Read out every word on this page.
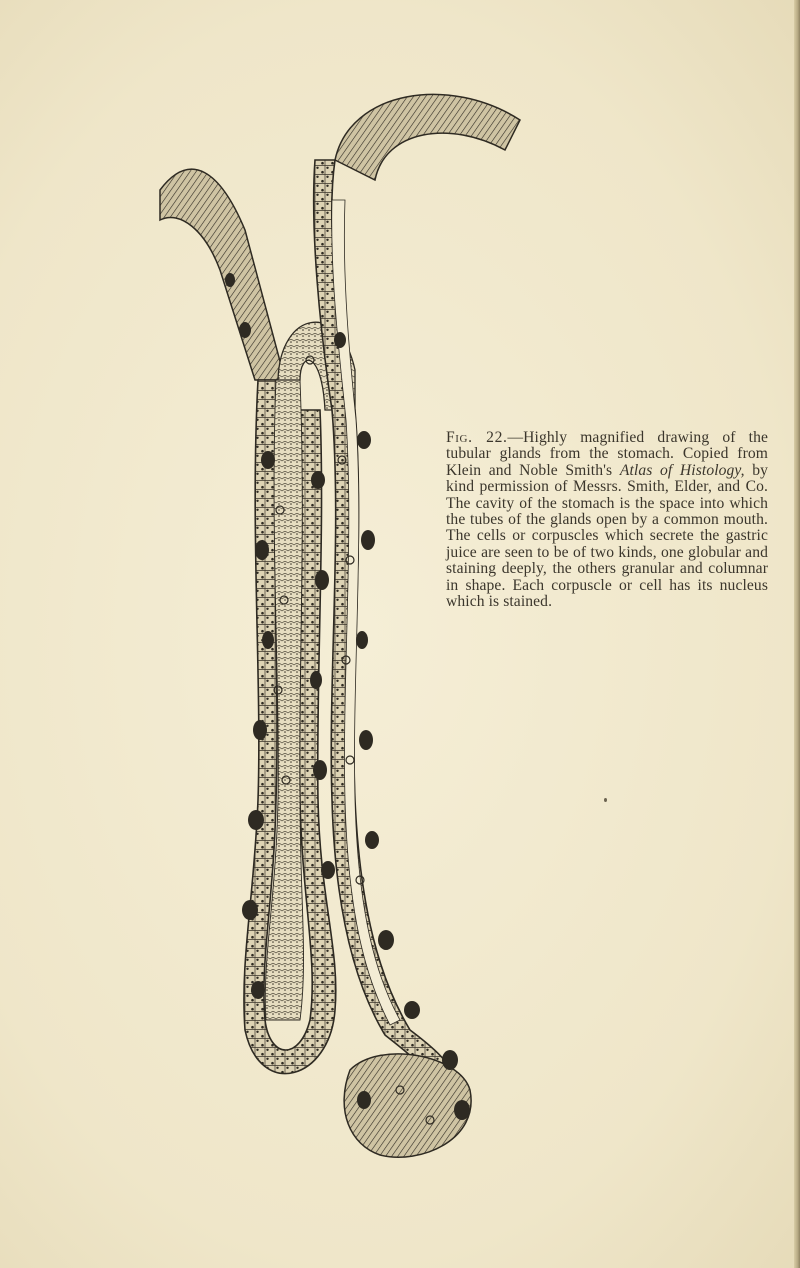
Fig. 22.—Highly magnified drawing of the tubular glands from the stomach. Copied from Klein and Noble Smith's Atlas of Histology, by kind permission of Messrs. Smith, Elder, and Co. The cavity of the stomach is the space into which the tubes of the glands open by a common mouth. The cells or corpuscles which secrete the gastric juice are seen to be of two kinds, one globular and staining deeply, the others granular and columnar in shape. Each corpuscle or cell has its nucleus which is stained.
